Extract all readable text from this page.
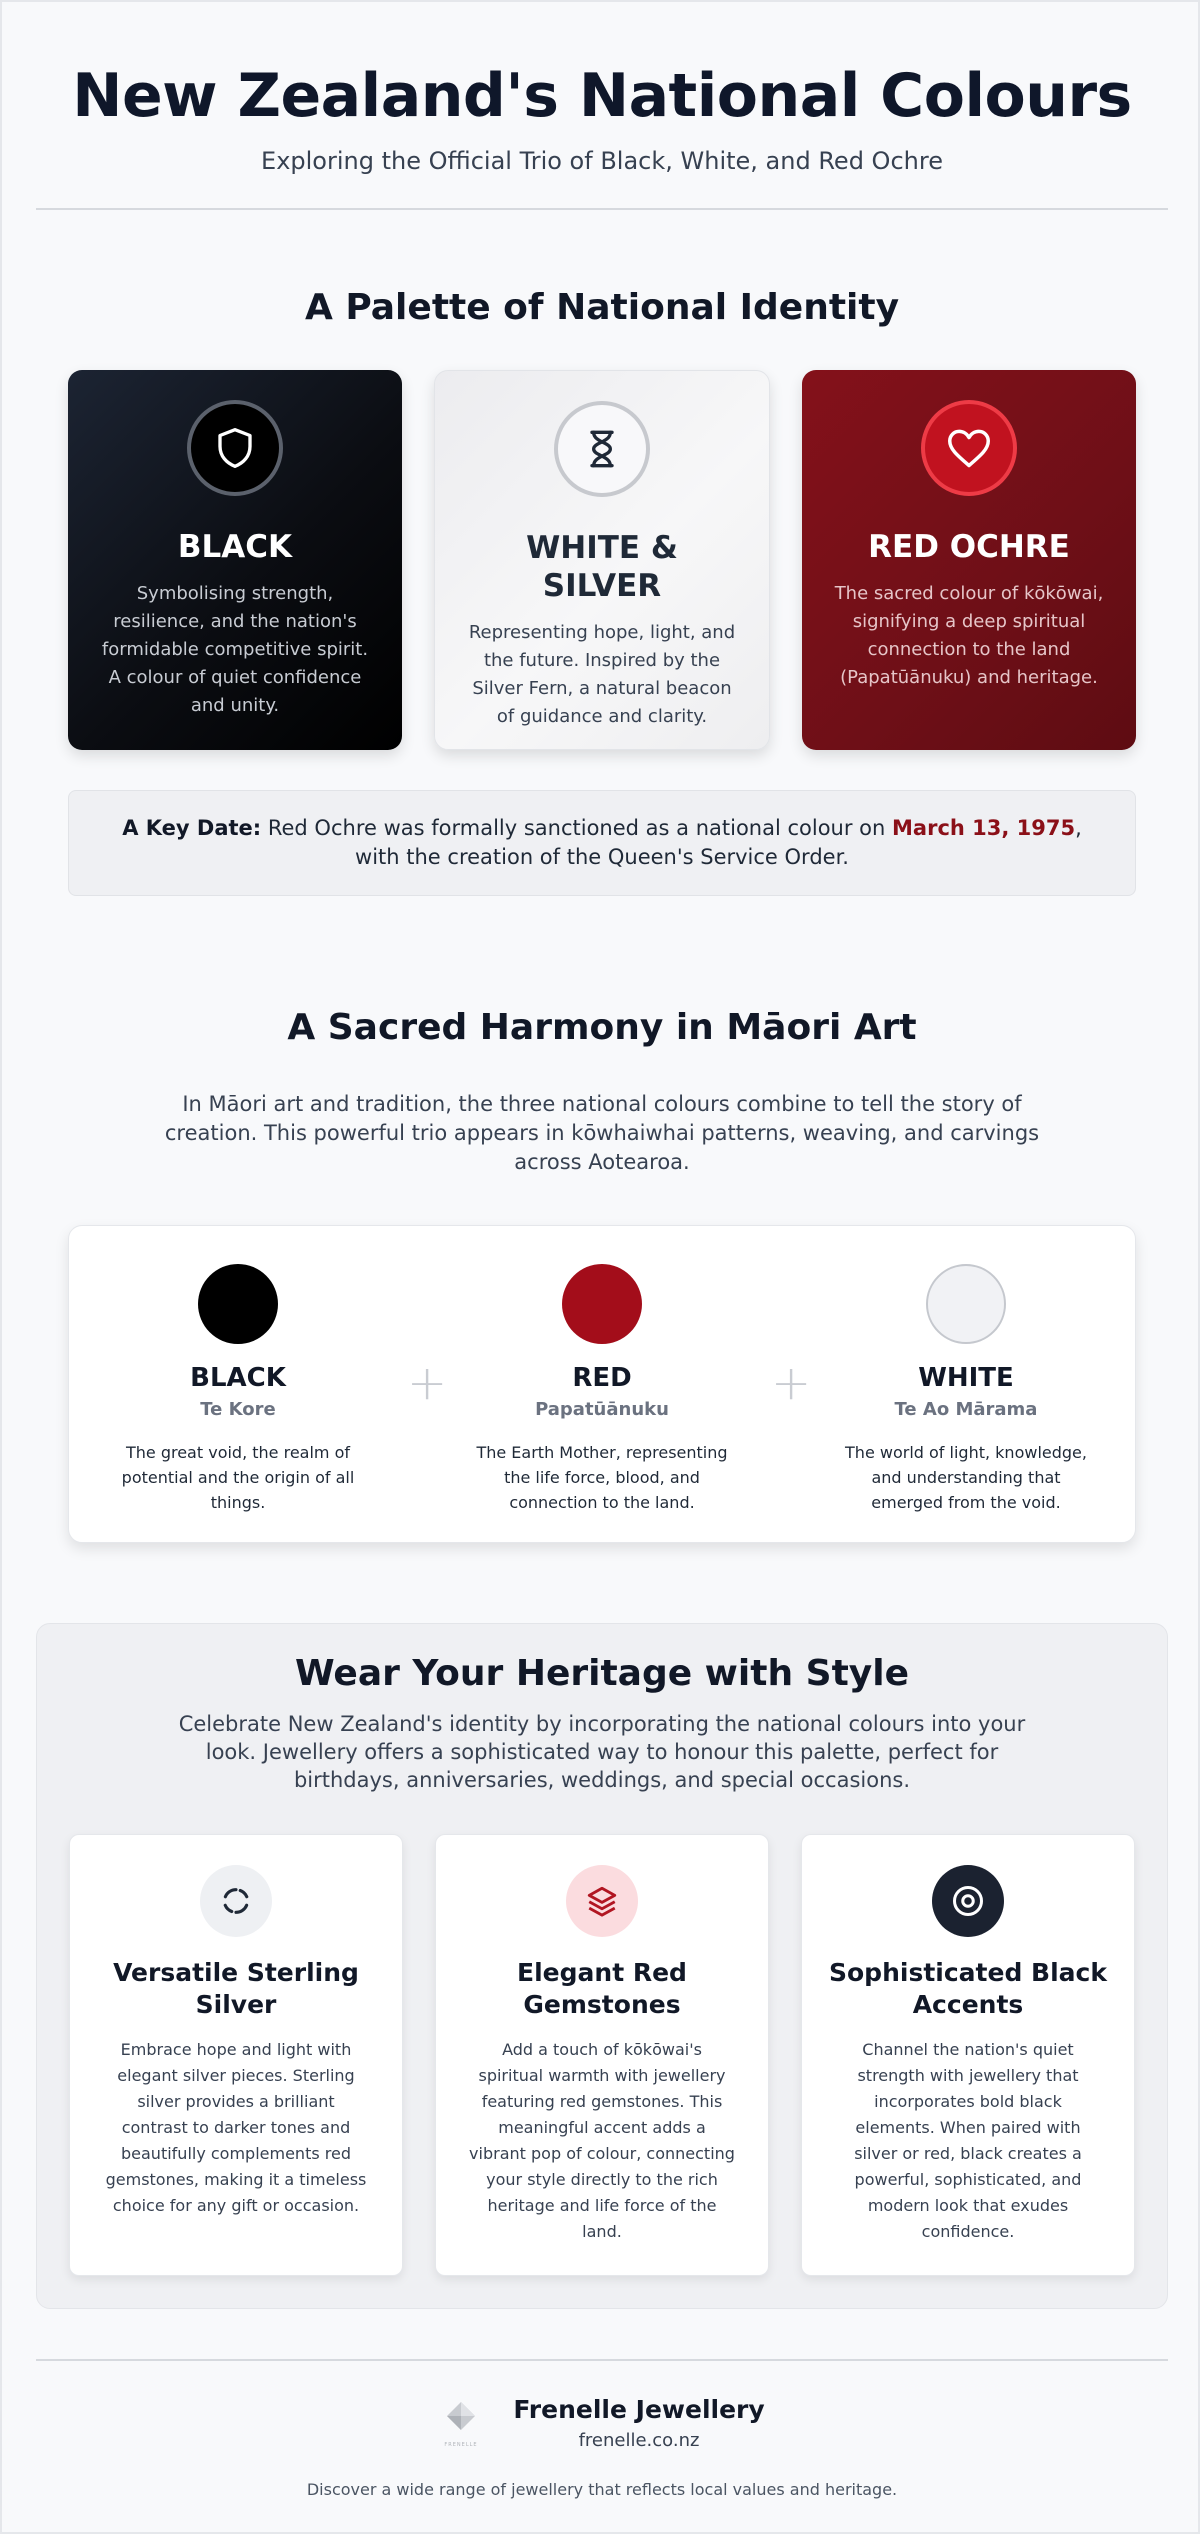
New Zealand's National Colours

Exploring the Official Trio of Black, White, and Red Ochre

A Palette of National Identity
BLACK

Symbolising strength, resilience, and the nation's formidable competitive spirit. A colour of quiet confidence and unity.

WHITE & SILVER

Representing hope, light, and the future. Inspired by the Silver Fern, a natural beacon of guidance and clarity.

RED OCHRE

The sacred colour of kōkōwai, signifying a deep spiritual connection to the land (Papatūānuku) and heritage.

A Key Date: Red Ochre was formally sanctioned as a national colour on March 13, 1975, with the creation of the Queen's Service Order.

A Sacred Harmony in Māori Art

In Māori art and tradition, the three national colours combine to tell the story of creation. This powerful trio appears in kōwhaiwhai patterns, weaving, and carvings across Aotearoa.

BLACK

Te Kore

The great void, the realm of potential and the origin of all things.

+	RED

Papatūānuku

The Earth Mother, representing the life force, blood, and connection to the land.

+	WHITE

Te Ao Mārama

The world of light, knowledge, and understanding that emerged from the void.

Wear Your Heritage with Style

Celebrate New Zealand's identity by incorporating the national colours into your look. Jewellery offers a sophisticated way to honour this palette, perfect for birthdays, anniversaries, weddings, and special occasions.

Versatile Sterling Silver

Embrace hope and light with elegant silver pieces. Sterling silver provides a brilliant contrast to darker tones and beautifully complements red gemstones, making it a timeless choice for any gift or occasion.

Elegant Red Gemstones

Add a touch of kōkōwai's spiritual warmth with jewellery featuring red gemstones. This meaningful accent adds a vibrant pop of colour, connecting your style directly to the rich heritage and life force of the land.

Sophisticated Black Accents

Channel the nation's quiet strength with jewellery that incorporates bold black elements. When paired with silver or red, black creates a powerful, sophisticated, and modern look that exudes confidence.

FRENELLE
Frenelle Jewellery
frenelle.co.nz

Discover a wide range of jewellery that reflects local values and heritage.
